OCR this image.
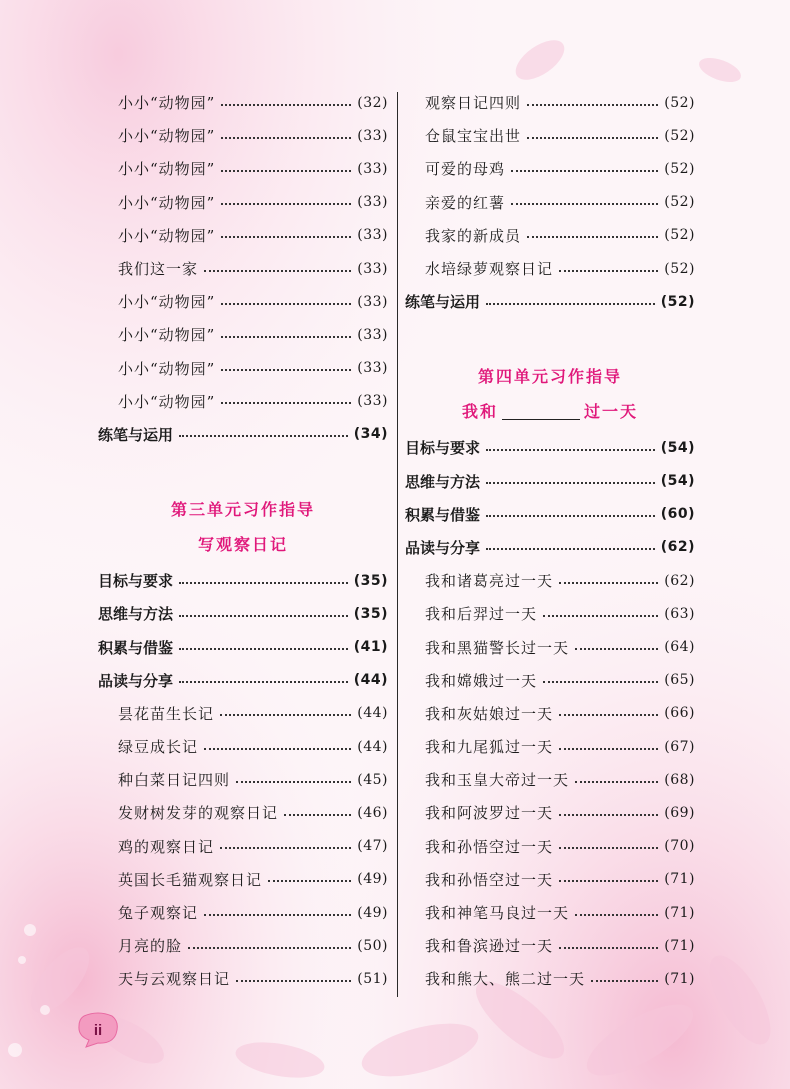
小小“动物园”	(32)
小小“动物园”	(33)
小小“动物园”	(33)
小小“动物园”	(33)
小小“动物园”	(33)
我们这一家	(33)
小小“动物园”	(33)
小小“动物园”	(33)
小小“动物园”	(33)
小小“动物园”	(33)
练笔与运用	(34)
第三单元习作指导
写观察日记
目标与要求	(35)
思维与方法	(35)
积累与借鉴	(41)
品读与分享	(44)
昙花苗生长记	(44)
绿豆成长记	(44)
种白菜日记四则	(45)
发财树发芽的观察日记	(46)
鸡的观察日记	(47)
英国长毛猫观察日记	(49)
兔子观察记	(49)
月亮的脸	(50)
天与云观察日记	(51)
观察日记四则	(52)
仓鼠宝宝出世	(52)
可爱的母鸡	(52)
亲爱的红薯	(52)
我家的新成员	(52)
水培绿萝观察日记	(52)
练笔与运用	(52)
第四单元习作指导
我和	过一天
目标与要求	(54)
思维与方法	(54)
积累与借鉴	(60)
品读与分享	(62)
我和诸葛亮过一天	(62)
我和后羿过一天	(63)
我和黑猫警长过一天	(64)
我和嫦娥过一天	(65)
我和灰姑娘过一天	(66)
我和九尾狐过一天	(67)
我和玉皇大帝过一天	(68)
我和阿波罗过一天	(69)
我和孙悟空过一天	(70)
我和孙悟空过一天	(71)
我和神笔马良过一天	(71)
我和鲁滨逊过一天	(71)
我和熊大、熊二过一天	(71)
ii
